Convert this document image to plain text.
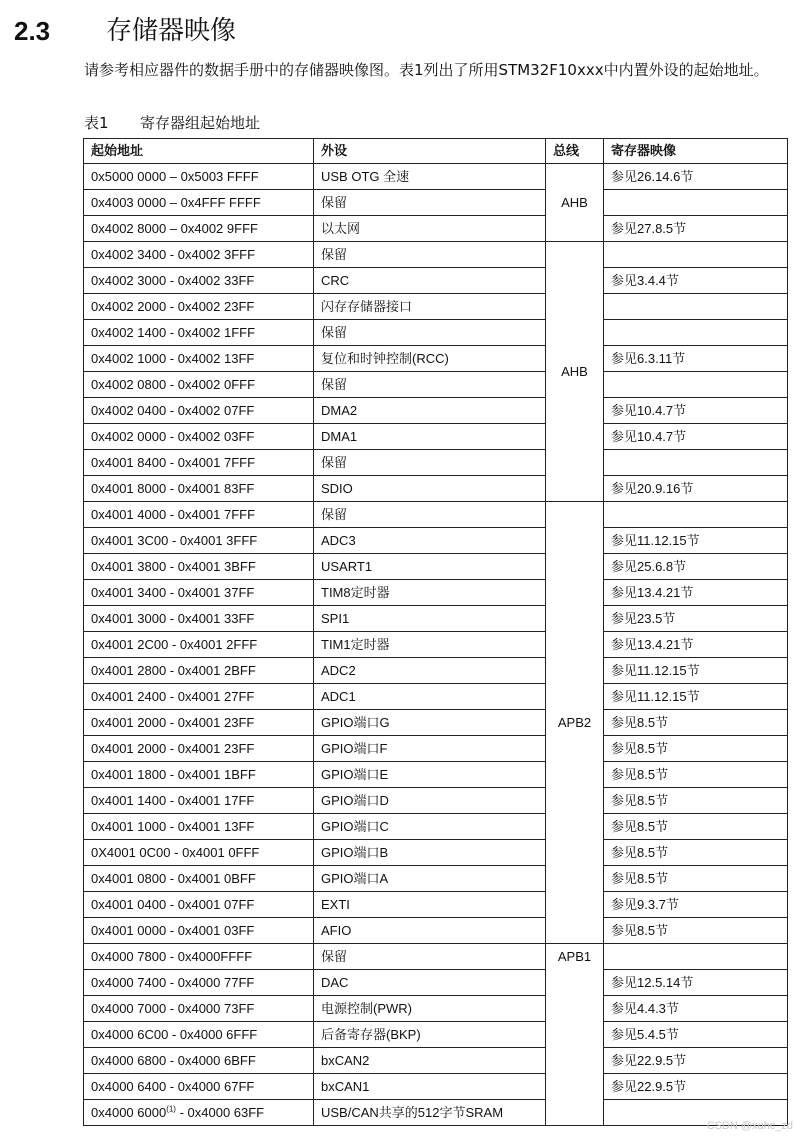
2.3 存储器映像
请参考相应器件的数据手册中的存储器映像图。表1列出了所用STM32F10xxx中内置外设的起始地址。
表1 寄存器组起始地址
起始地址	外设	总线	寄存器映像
0x5000 0000 – 0x5003 FFFF	USB OTG 全速	AHB	参见26.14.6节
0x4003 0000 – 0x4FFF FFFF	保留		
0x4002 8000 – 0x4002 9FFF	以太网		参见27.8.5节
0x4002 3400 - 0x4002 3FFF	保留	AHB	
0x4002 3000 - 0x4002 33FF	CRC		参见3.4.4节
0x4002 2000 - 0x4002 23FF	闪存存储器接口		
0x4002 1400 - 0x4002 1FFF	保留		
0x4002 1000 - 0x4002 13FF	复位和时钟控制(RCC)		参见6.3.11节
0x4002 0800 - 0x4002 0FFF	保留		
0x4002 0400 - 0x4002 07FF	DMA2		参见10.4.7节
0x4002 0000 - 0x4002 03FF	DMA1		参见10.4.7节
0x4001 8400 - 0x4001 7FFF	保留		
0x4001 8000 - 0x4001 83FF	SDIO		参见20.9.16节
0x4001 4000 - 0x4001 7FFF	保留	APB2	
0x4001 3C00 - 0x4001 3FFF	ADC3		参见11.12.15节
0x4001 3800 - 0x4001 3BFF	USART1		参见25.6.8节
0x4001 3400 - 0x4001 37FF	TIM8定时器		参见13.4.21节
0x4001 3000 - 0x4001 33FF	SPI1		参见23.5节
0x4001 2C00 - 0x4001 2FFF	TIM1定时器		参见13.4.21节
0x4001 2800 - 0x4001 2BFF	ADC2		参见11.12.15节
0x4001 2400 - 0x4001 27FF	ADC1		参见11.12.15节
0x4001 2000 - 0x4001 23FF	GPIO端口G		参见8.5节
0x4001 2000 - 0x4001 23FF	GPIO端口F		参见8.5节
0x4001 1800 - 0x4001 1BFF	GPIO端口E		参见8.5节
0x4001 1400 - 0x4001 17FF	GPIO端口D		参见8.5节
0x4001 1000 - 0x4001 13FF	GPIO端口C		参见8.5节
0X4001 0C00 - 0x4001 0FFF	GPIO端口B		参见8.5节
0x4001 0800 - 0x4001 0BFF	GPIO端口A		参见8.5节
0x4001 0400 - 0x4001 07FF	EXTI		参见9.3.7节
0x4001 0000 - 0x4001 03FF	AFIO		参见8.5节
0x4000 7800 - 0x4000FFFF	保留	APB1	
0x4000 7400 - 0x4000 77FF	DAC		参见12.5.14节
0x4000 7000 - 0x4000 73FF	电源控制(PWR)		参见4.4.3节
0x4000 6C00 - 0x4000 6FFF	后备寄存器(BKP)		参见5.4.5节
0x4000 6800 - 0x4000 6BFF	bxCAN2		参见22.9.5节
0x4000 6400 - 0x4000 67FF	bxCAN1		参见22.9.5节
0x4000 6000$^{(1)}$ - 0x4000 63FF	USB/CAN共享的512字节SRAM		
CSDN @xuhc_zd
